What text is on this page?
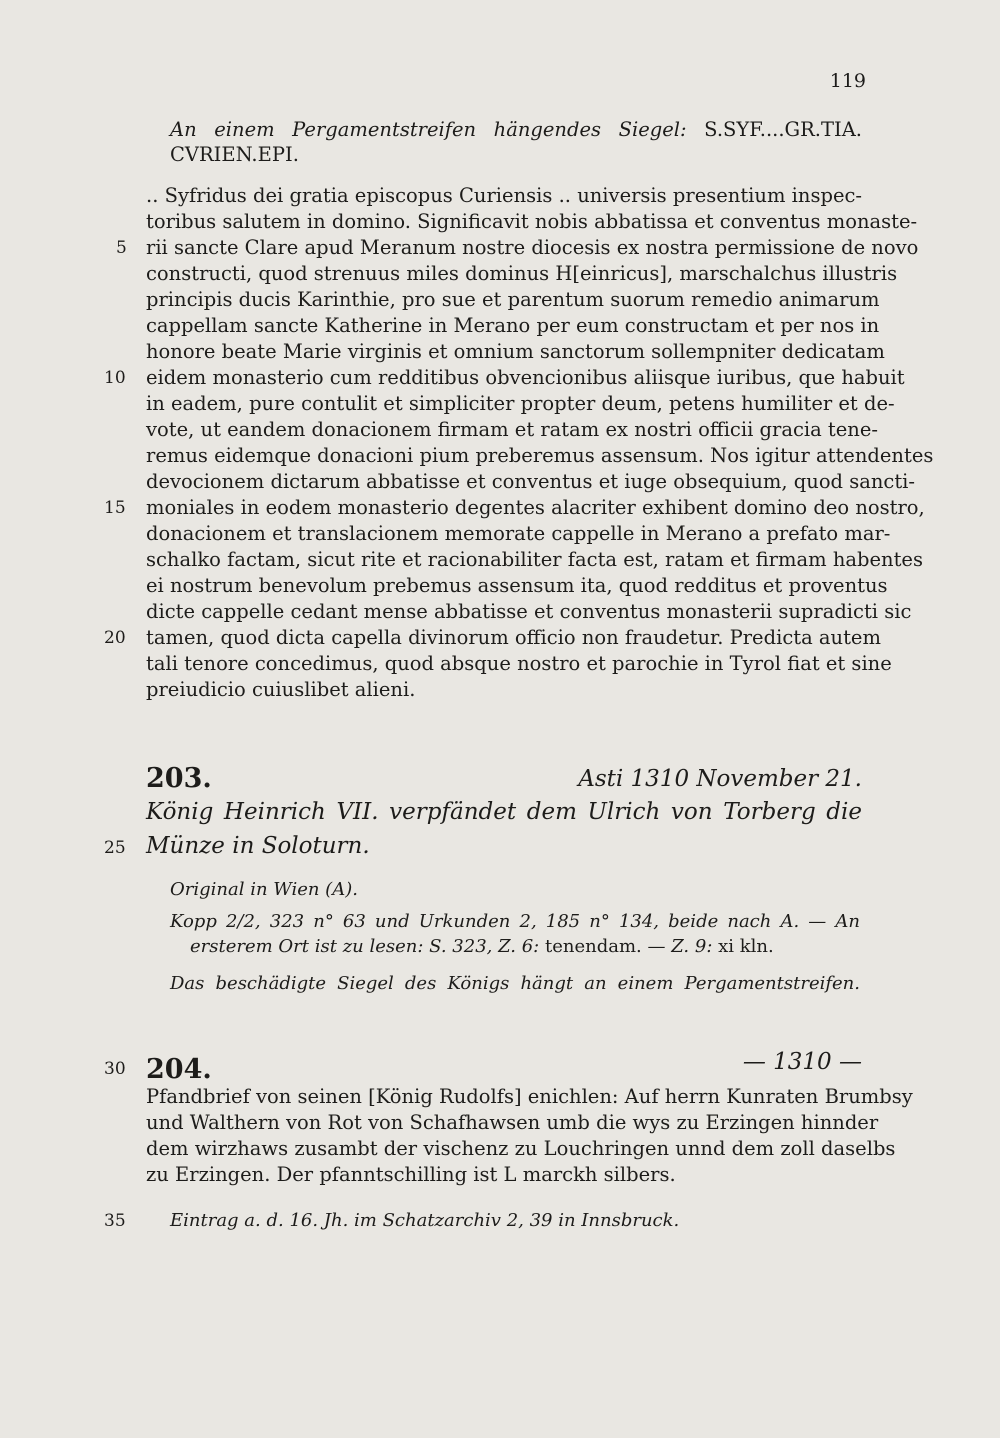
119
An einem Pergamentstreifen hängendes Siegel: S.SYF....GR.TIA.
CVRIEN.EPI.
.. Syfridus dei gratia episcopus Curiensis .. universis presentium inspec-
toribus salutem in domino. Significavit nobis abbatissa et conventus monaste-
rii sancte Clare apud Meranum nostre diocesis ex nostra permissione de novo
constructi, quod strenuus miles dominus H[einricus], marschalchus illustris
principis ducis Karinthie, pro sue et parentum suorum remedio animarum
cappellam sancte Katherine in Merano per eum constructam et per nos in
honore beate Marie virginis et omnium sanctorum sollempniter dedicatam
eidem monasterio cum redditibus obvencionibus aliisque iuribus, que habuit
in eadem, pure contulit et simpliciter propter deum, petens humiliter et de-
vote, ut eandem donacionem firmam et ratam ex nostri officii gracia tene-
remus eidemque donacioni pium preberemus assensum. Nos igitur attendentes
devocionem dictarum abbatisse et conventus et iuge obsequium, quod sancti-
moniales in eodem monasterio degentes alacriter exhibent domino deo nostro,
donacionem et translacionem memorate cappelle in Merano a prefato mar-
schalko factam, sicut rite et racionabiliter facta est, ratam et firmam habentes
ei nostrum benevolum prebemus assensum ita, quod redditus et proventus
dicte cappelle cedant mense abbatisse et conventus monasterii supradicti sic
tamen, quod dicta capella divinorum officio non fraudetur. Predicta autem
tali tenore concedimus, quod absque nostro et parochie in Tyrol fiat et sine
preiudicio cuiuslibet alieni.
5
10
15
20
25
30
35
203.	Asti 1310 November 21.
König Heinrich VII. verpfändet dem Ulrich von Torberg die
Münze in Soloturn.
Original in Wien (A).
Kopp 2/2, 323 n° 63 und Urkunden 2, 185 n° 134, beide nach A. — An
ersterem Ort ist zu lesen: S. 323, Z. 6: tenendam. — Z. 9: xi kln.
Das beschädigte Siegel des Königs hängt an einem Pergamentstreifen.
204.	— 1310 —
Pfandbrief von seinen [König Rudolfs] enichlen: Auf herrn Kunraten Brumbsy
und Walthern von Rot von Schafhawsen umb die wys zu Erzingen hinnder
dem wirzhaws zusambt der vischenz zu Louchringen unnd dem zoll daselbs
zu Erzingen. Der pfanntschilling ist L marckh silbers.
Eintrag a. d. 16. Jh. im Schatzarchiv 2, 39 in Innsbruck.
